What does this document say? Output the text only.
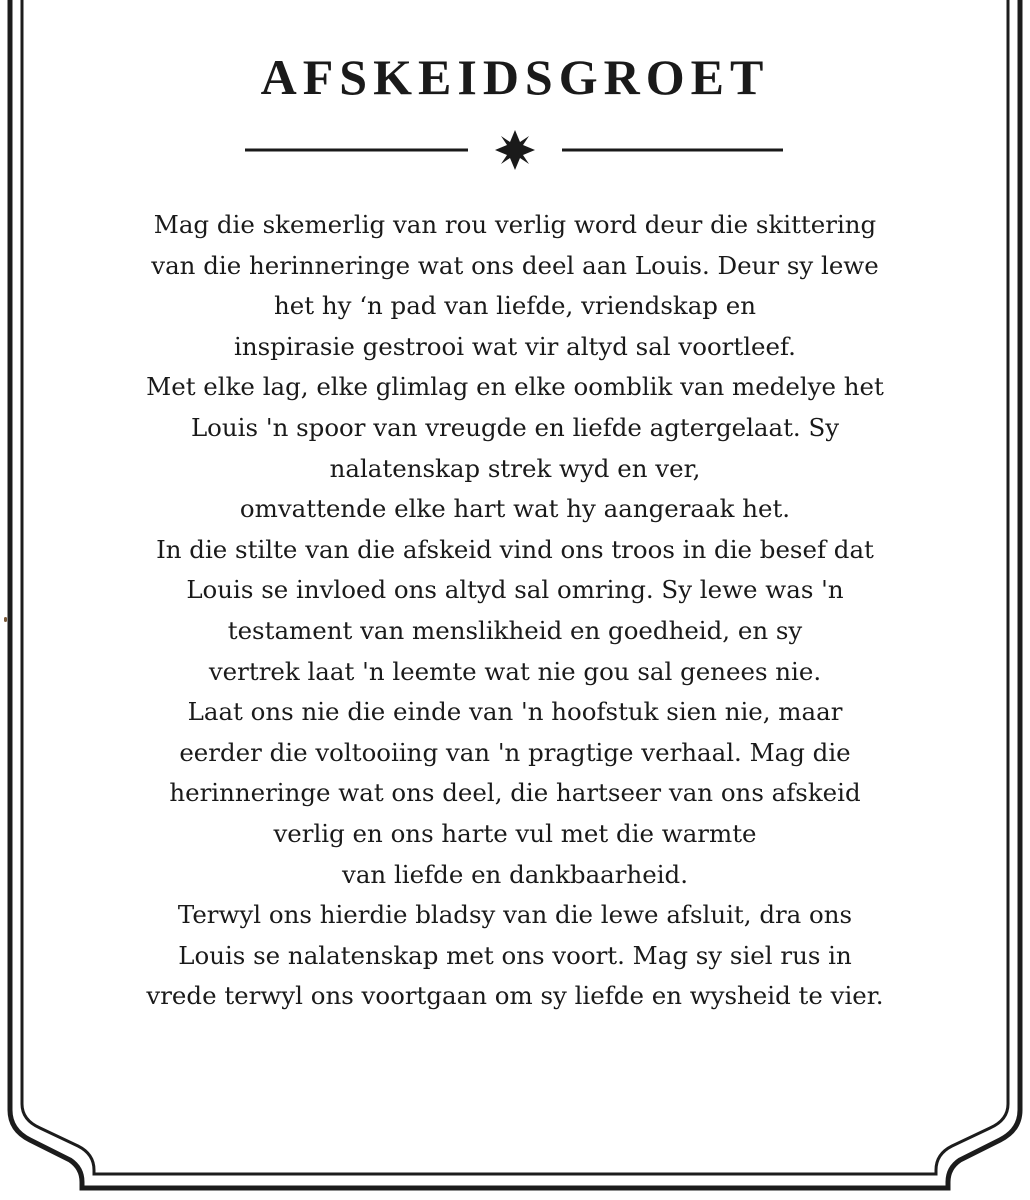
AFSKEIDSGROET
Mag die skemerlig van rou verlig word deur die skittering
van die herinneringe wat ons deel aan Louis. Deur sy lewe
het hy ‘n pad van liefde, vriendskap en
inspirasie gestrooi wat vir altyd sal voortleef.
Met elke lag, elke glimlag en elke oomblik van medelye het
Louis 'n spoor van vreugde en liefde agtergelaat. Sy
nalatenskap strek wyd en ver,
omvattende elke hart wat hy aangeraak het.
In die stilte van die afskeid vind ons troos in die besef dat
Louis se invloed ons altyd sal omring. Sy lewe was 'n
testament van menslikheid en goedheid, en sy
vertrek laat 'n leemte wat nie gou sal genees nie.
Laat ons nie die einde van 'n hoofstuk sien nie, maar
eerder die voltooiing van 'n pragtige verhaal. Mag die
herinneringe wat ons deel, die hartseer van ons afskeid
verlig en ons harte vul met die warmte
van liefde en dankbaarheid.
Terwyl ons hierdie bladsy van die lewe afsluit, dra ons
Louis se nalatenskap met ons voort. Mag sy siel rus in
vrede terwyl ons voortgaan om sy liefde en wysheid te vier.
